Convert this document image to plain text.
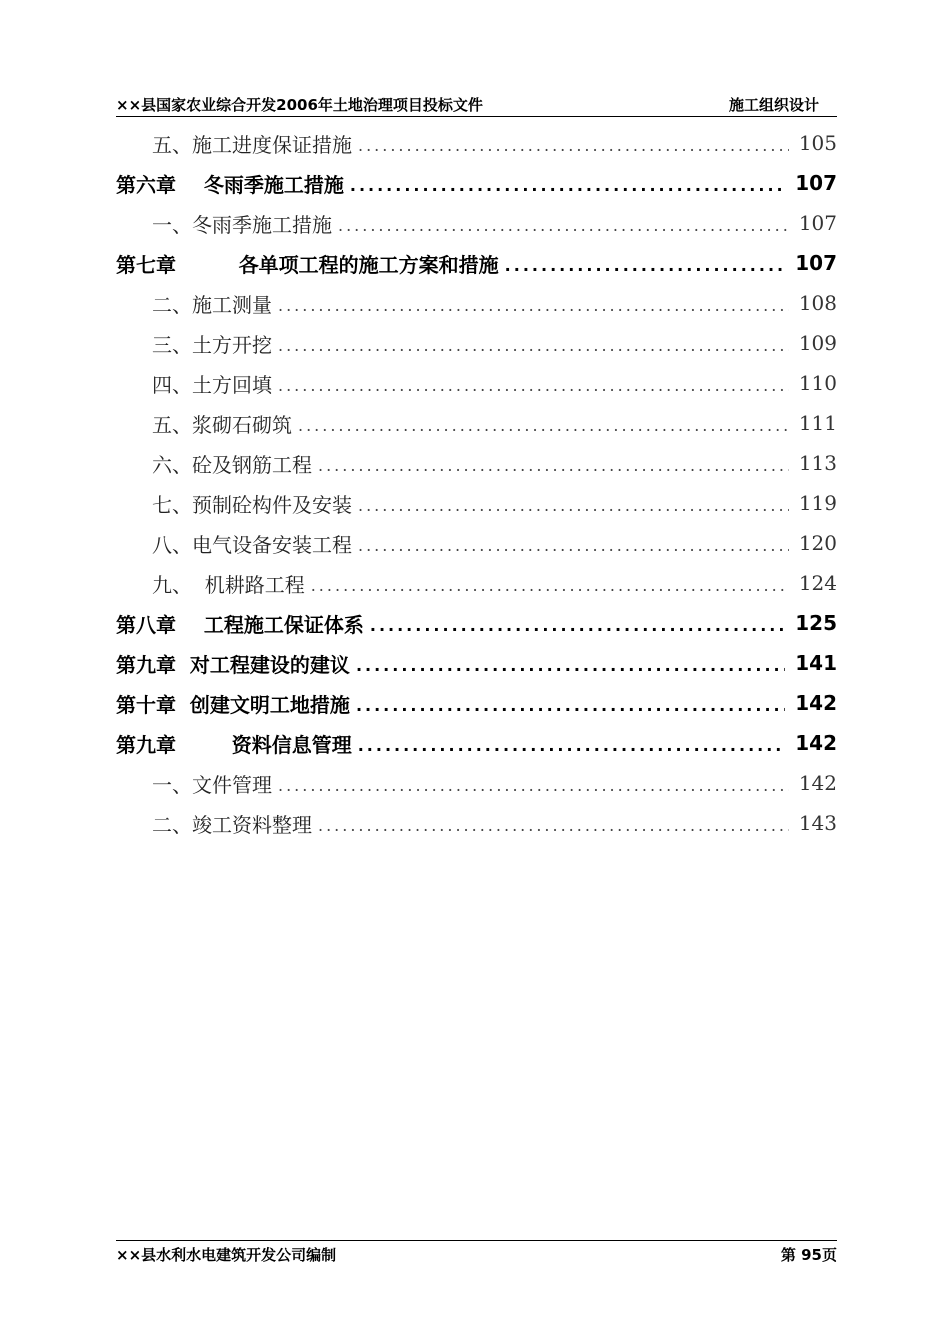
××县国家农业综合开发2006年土地治理项目投标文件	施工组织设计
五、施工进度保证措施 .....	105
第六章    冬雨季施工措施 .....	107
一、冬雨季施工措施 .....	107
第七章         各单项工程的施工方案和措施 .....	107
二、施工测量 .....	108
三、土方开挖 .....	109
四、土方回填 .....	110
五、浆砌石砌筑 .....	111
六、砼及钢筋工程 .....	113
七、预制砼构件及安装 .....	119
八、电气设备安装工程 .....	120
九、  机耕路工程 .....	124
第八章    工程施工保证体系 .....	125
第九章  对工程建设的建议 .....	141
第十章  创建文明工地措施 .....	142
第九章        资料信息管理 .....	142
一、文件管理 .....	142
二、竣工资料整理 .....	143
××县水利水电建筑开发公司编制	第 95页
